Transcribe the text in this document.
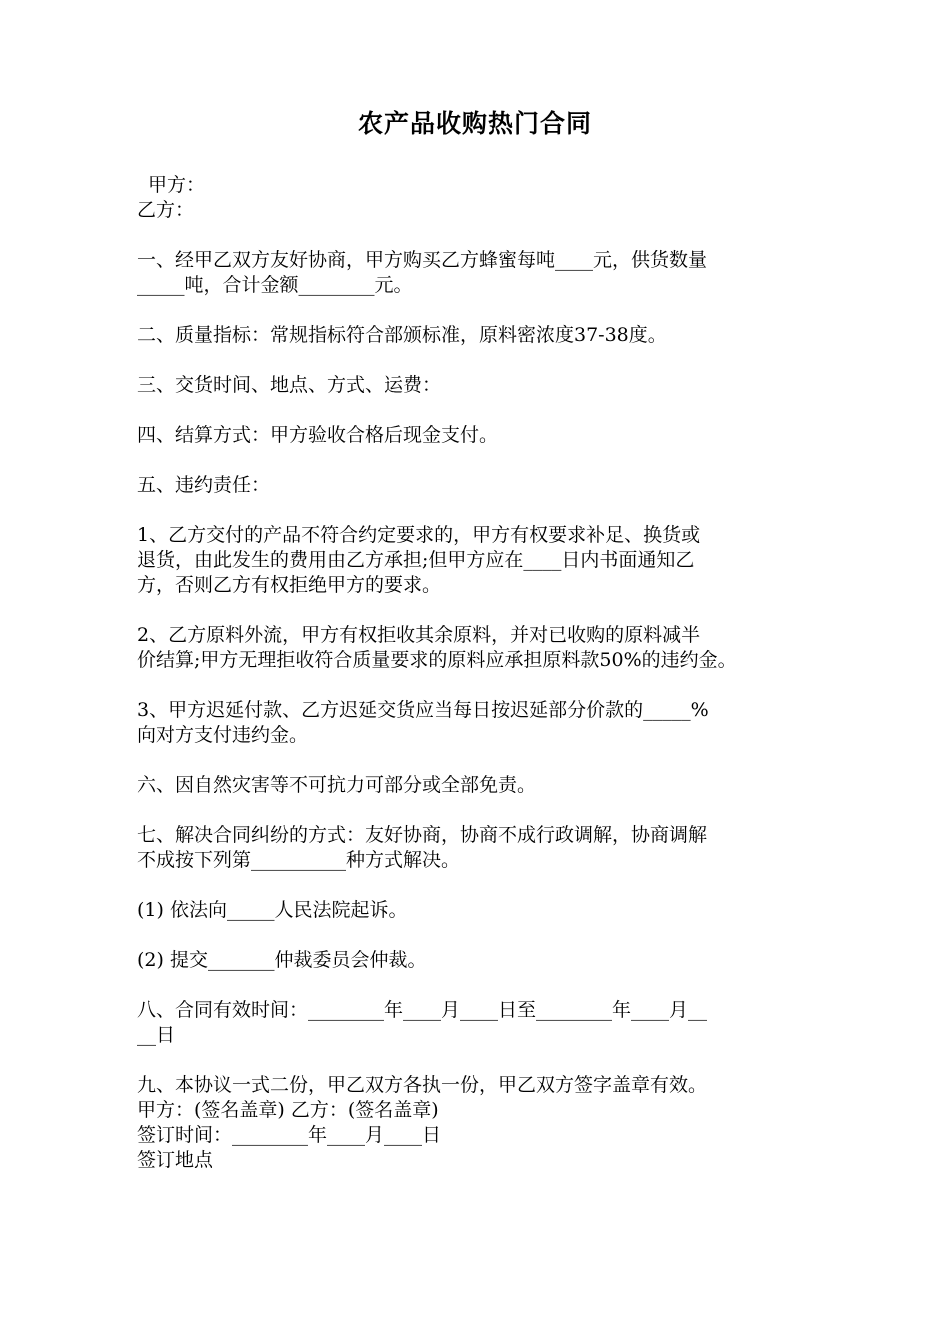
农产品收购热门合同
甲方：
乙方：
一、经甲乙双方友好协商，甲方购买乙方蜂蜜每吨____元，供货数量
_____吨，合计金额________元。
二、质量指标：常规指标符合部颁标准，原料密浓度37-38度。
三、交货时间、地点、方式、运费：
四、结算方式：甲方验收合格后现金支付。
五、违约责任：
1、乙方交付的产品不符合约定要求的，甲方有权要求补足、换货或
退货，由此发生的费用由乙方承担;但甲方应在____日内书面通知乙
方，否则乙方有权拒绝甲方的要求。
2、乙方原料外流，甲方有权拒收其余原料，并对已收购的原料减半
价结算;甲方无理拒收符合质量要求的原料应承担原料款50%的违约金。
3、甲方迟延付款、乙方迟延交货应当每日按迟延部分价款的_____%
向对方支付违约金。
六、因自然灾害等不可抗力可部分或全部免责。
七、解决合同纠纷的方式：友好协商，协商不成行政调解，协商调解
不成按下列第__________种方式解决。
(1) 依法向_____人民法院起诉。
(2) 提交_______仲裁委员会仲裁。
八、合同有效时间：________年____月____日至________年____月__
__日
九、本协议一式二份，甲乙双方各执一份，甲乙双方签字盖章有效。
甲方：(签名盖章) 乙方：(签名盖章)
签订时间：________年____月____日
签订地点
